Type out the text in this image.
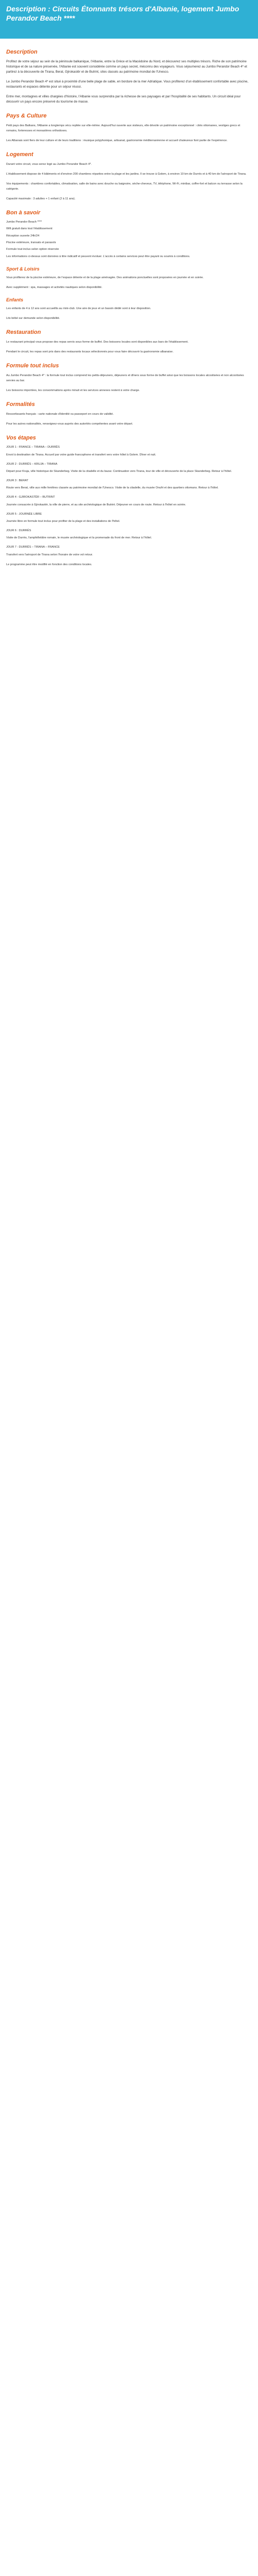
Description : Circuits Étonnants trésors d'Albanie, logement Jumbo Perandor Beach ****
Description

Profitez de votre séjour au sein de la péninsule balkanique, l'Albanie, entre la Grèce et la Macédoine du Nord, et découvrez ses multiples trésors. Riche de son patrimoine historique et de sa nature préservée, l'Albanie est souvent considérée comme un pays secret, méconnu des voyageurs. Vous séjournerez au Jumbo Perandor Beach 4* et partirez à la découverte de Tirana, Berat, Gjirokastër et de Butrint, sites classés au patrimoine mondial de l'Unesco.

Le Jumbo Perandor Beach 4* est situé à proximité d'une belle plage de sable, en bordure de la mer Adriatique. Vous profiterez d'un établissement confortable avec piscine, restaurants et espaces détente pour un séjour réussi.

Entre mer, montagnes et villes chargées d'histoire, l'Albanie vous surprendra par la richesse de ses paysages et par l'hospitalité de ses habitants. Un circuit idéal pour découvrir un pays encore préservé du tourisme de masse.

Pays & Culture

Petit pays des Balkans, l'Albanie a longtemps vécu repliée sur elle-même. Aujourd'hui ouverte aux visiteurs, elle dévoile un patrimoine exceptionnel : cités ottomanes, vestiges grecs et romains, forteresses et monastères orthodoxes.

Les Albanais sont fiers de leur culture et de leurs traditions : musique polyphonique, artisanat, gastronomie méditerranéenne et accueil chaleureux font partie de l'expérience.

Logement

Durant votre circuit, vous serez logé au Jumbo Perandor Beach 4*.

L'établissement dispose de 4 bâtiments et d'environ 200 chambres réparties entre la plage et les jardins. Il se trouve à Golem, à environ 10 km de Durrës et à 40 km de l'aéroport de Tirana.

Vos équipements : chambres confortables, climatisation, salle de bains avec douche ou baignoire, sèche-cheveux, TV, téléphone, Wi-Fi, minibar, coffre-fort et balcon ou terrasse selon la catégorie.

Capacité maximale : 3 adultes + 1 enfant (2 à 11 ans).

Bon à savoir

Jumbo Perandor Beach ****

Wifi gratuit dans tout l'établissement

Réception ouverte 24h/24

Piscine extérieure, transats et parasols

Formule tout inclus selon option réservée

Les informations ci-dessus sont données à titre indicatif et peuvent évoluer. L'accès à certains services peut être payant ou soumis à conditions.

Sport & Loisirs

Vous profiterez de la piscine extérieure, de l'espace détente et de la plage aménagée. Des animations ponctuelles sont proposées en journée et en soirée.

Avec supplément : spa, massages et activités nautiques selon disponibilité.

Enfants

Les enfants de 4 à 12 ans sont accueillis au mini-club. Une aire de jeux et un bassin dédié sont à leur disposition.

Lits bébé sur demande selon disponibilité.

Restauration

Le restaurant principal vous propose des repas servis sous forme de buffet. Des boissons locales sont disponibles aux bars de l'établissement.

Pendant le circuit, les repas sont pris dans des restaurants locaux sélectionnés pour vous faire découvrir la gastronomie albanaise.

Formule tout inclus

Au Jumbo Perandor Beach 4* : la formule tout inclus comprend les petits-déjeuners, déjeuners et dîners sous forme de buffet ainsi que les boissons locales alcoolisées et non alcoolisées servies au bar.

Les boissons importées, les consommations après minuit et les services annexes restent à votre charge.

Formalités

Ressortissants français : carte nationale d'identité ou passeport en cours de validité.

Pour les autres nationalités, renseignez-vous auprès des autorités compétentes avant votre départ.

Vos étapes

JOUR 1 : FRANCE – TIRANA – DURRËS

Envol à destination de Tirana. Accueil par votre guide francophone et transfert vers votre hôtel à Golem. Dîner et nuit.

JOUR 2 : DURRËS – KRUJA – TIRANA

Départ pour Kruja, ville historique de Skanderbeg. Visite de la citadelle et du bazar. Continuation vers Tirana, tour de ville et découverte de la place Skanderbeg. Retour à l'hôtel.

JOUR 3 : BERAT

Route vers Berat, ville aux mille fenêtres classée au patrimoine mondial de l'Unesco. Visite de la citadelle, du musée Onufri et des quartiers ottomans. Retour à l'hôtel.

JOUR 4 : GJIROKASTËR – BUTRINT

Journée consacrée à Gjirokastër, la ville de pierre, et au site archéologique de Butrint. Déjeuner en cours de route. Retour à l'hôtel en soirée.

JOUR 5 : JOURNÉE LIBRE

Journée libre en formule tout inclus pour profiter de la plage et des installations de l'hôtel.

JOUR 6 : DURRËS

Visite de Durrës, l'amphithéâtre romain, le musée archéologique et la promenade du front de mer. Retour à l'hôtel.

JOUR 7 : DURRËS – TIRANA – FRANCE

Transfert vers l'aéroport de Tirana selon l'horaire de votre vol retour.

Le programme peut être modifié en fonction des conditions locales.
